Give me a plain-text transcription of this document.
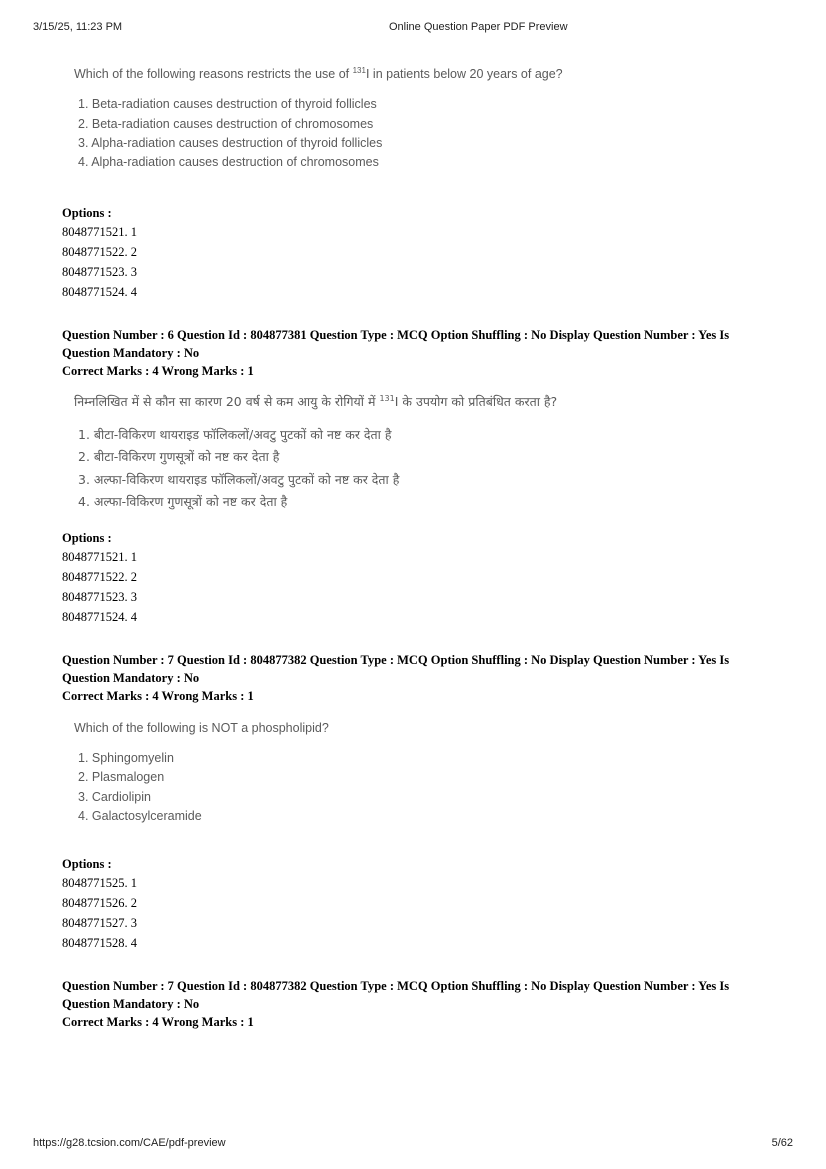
3/15/25, 11:23 PM	Online Question Paper PDF Preview
Which of the following reasons restricts the use of $^{131}$I in patients below 20 years of age?
1. Beta-radiation causes destruction of thyroid follicles
2. Beta-radiation causes destruction of chromosomes
3. Alpha-radiation causes destruction of thyroid follicles
4. Alpha-radiation causes destruction of chromosomes
Options :
8048771521. 1
8048771522. 2
8048771523. 3
8048771524. 4
Question Number : 6 Question Id : 804877381 Question Type : MCQ Option Shuffling : No Display Question Number : Yes Is
Question Mandatory : No
Correct Marks : 4 Wrong Marks : 1
निम्नलिखित में से कौन सा कारण 20 वर्ष से कम आयु के रोगियों में $^{131}$I के उपयोग को प्रतिबंधित करता है?
1. बीटा-विकिरण थायराइड फॉलिकलों/अवटु पुटकों को नष्ट कर देता है
2. बीटा-विकिरण गुणसूत्रों को नष्ट कर देता है
3. अल्फा-विकिरण थायराइड फॉलिकलों/अवटु पुटकों को नष्ट कर देता है
4. अल्फा-विकिरण गुणसूत्रों को नष्ट कर देता है
Options :
8048771521. 1
8048771522. 2
8048771523. 3
8048771524. 4
Question Number : 7 Question Id : 804877382 Question Type : MCQ Option Shuffling : No Display Question Number : Yes Is
Question Mandatory : No
Correct Marks : 4 Wrong Marks : 1
Which of the following is NOT a phospholipid?
1. Sphingomyelin
2. Plasmalogen
3. Cardiolipin
4. Galactosylceramide
Options :
8048771525. 1
8048771526. 2
8048771527. 3
8048771528. 4
Question Number : 7 Question Id : 804877382 Question Type : MCQ Option Shuffling : No Display Question Number : Yes Is
Question Mandatory : No
Correct Marks : 4 Wrong Marks : 1
https://g28.tcsion.com/CAE/pdf-preview	5/62
